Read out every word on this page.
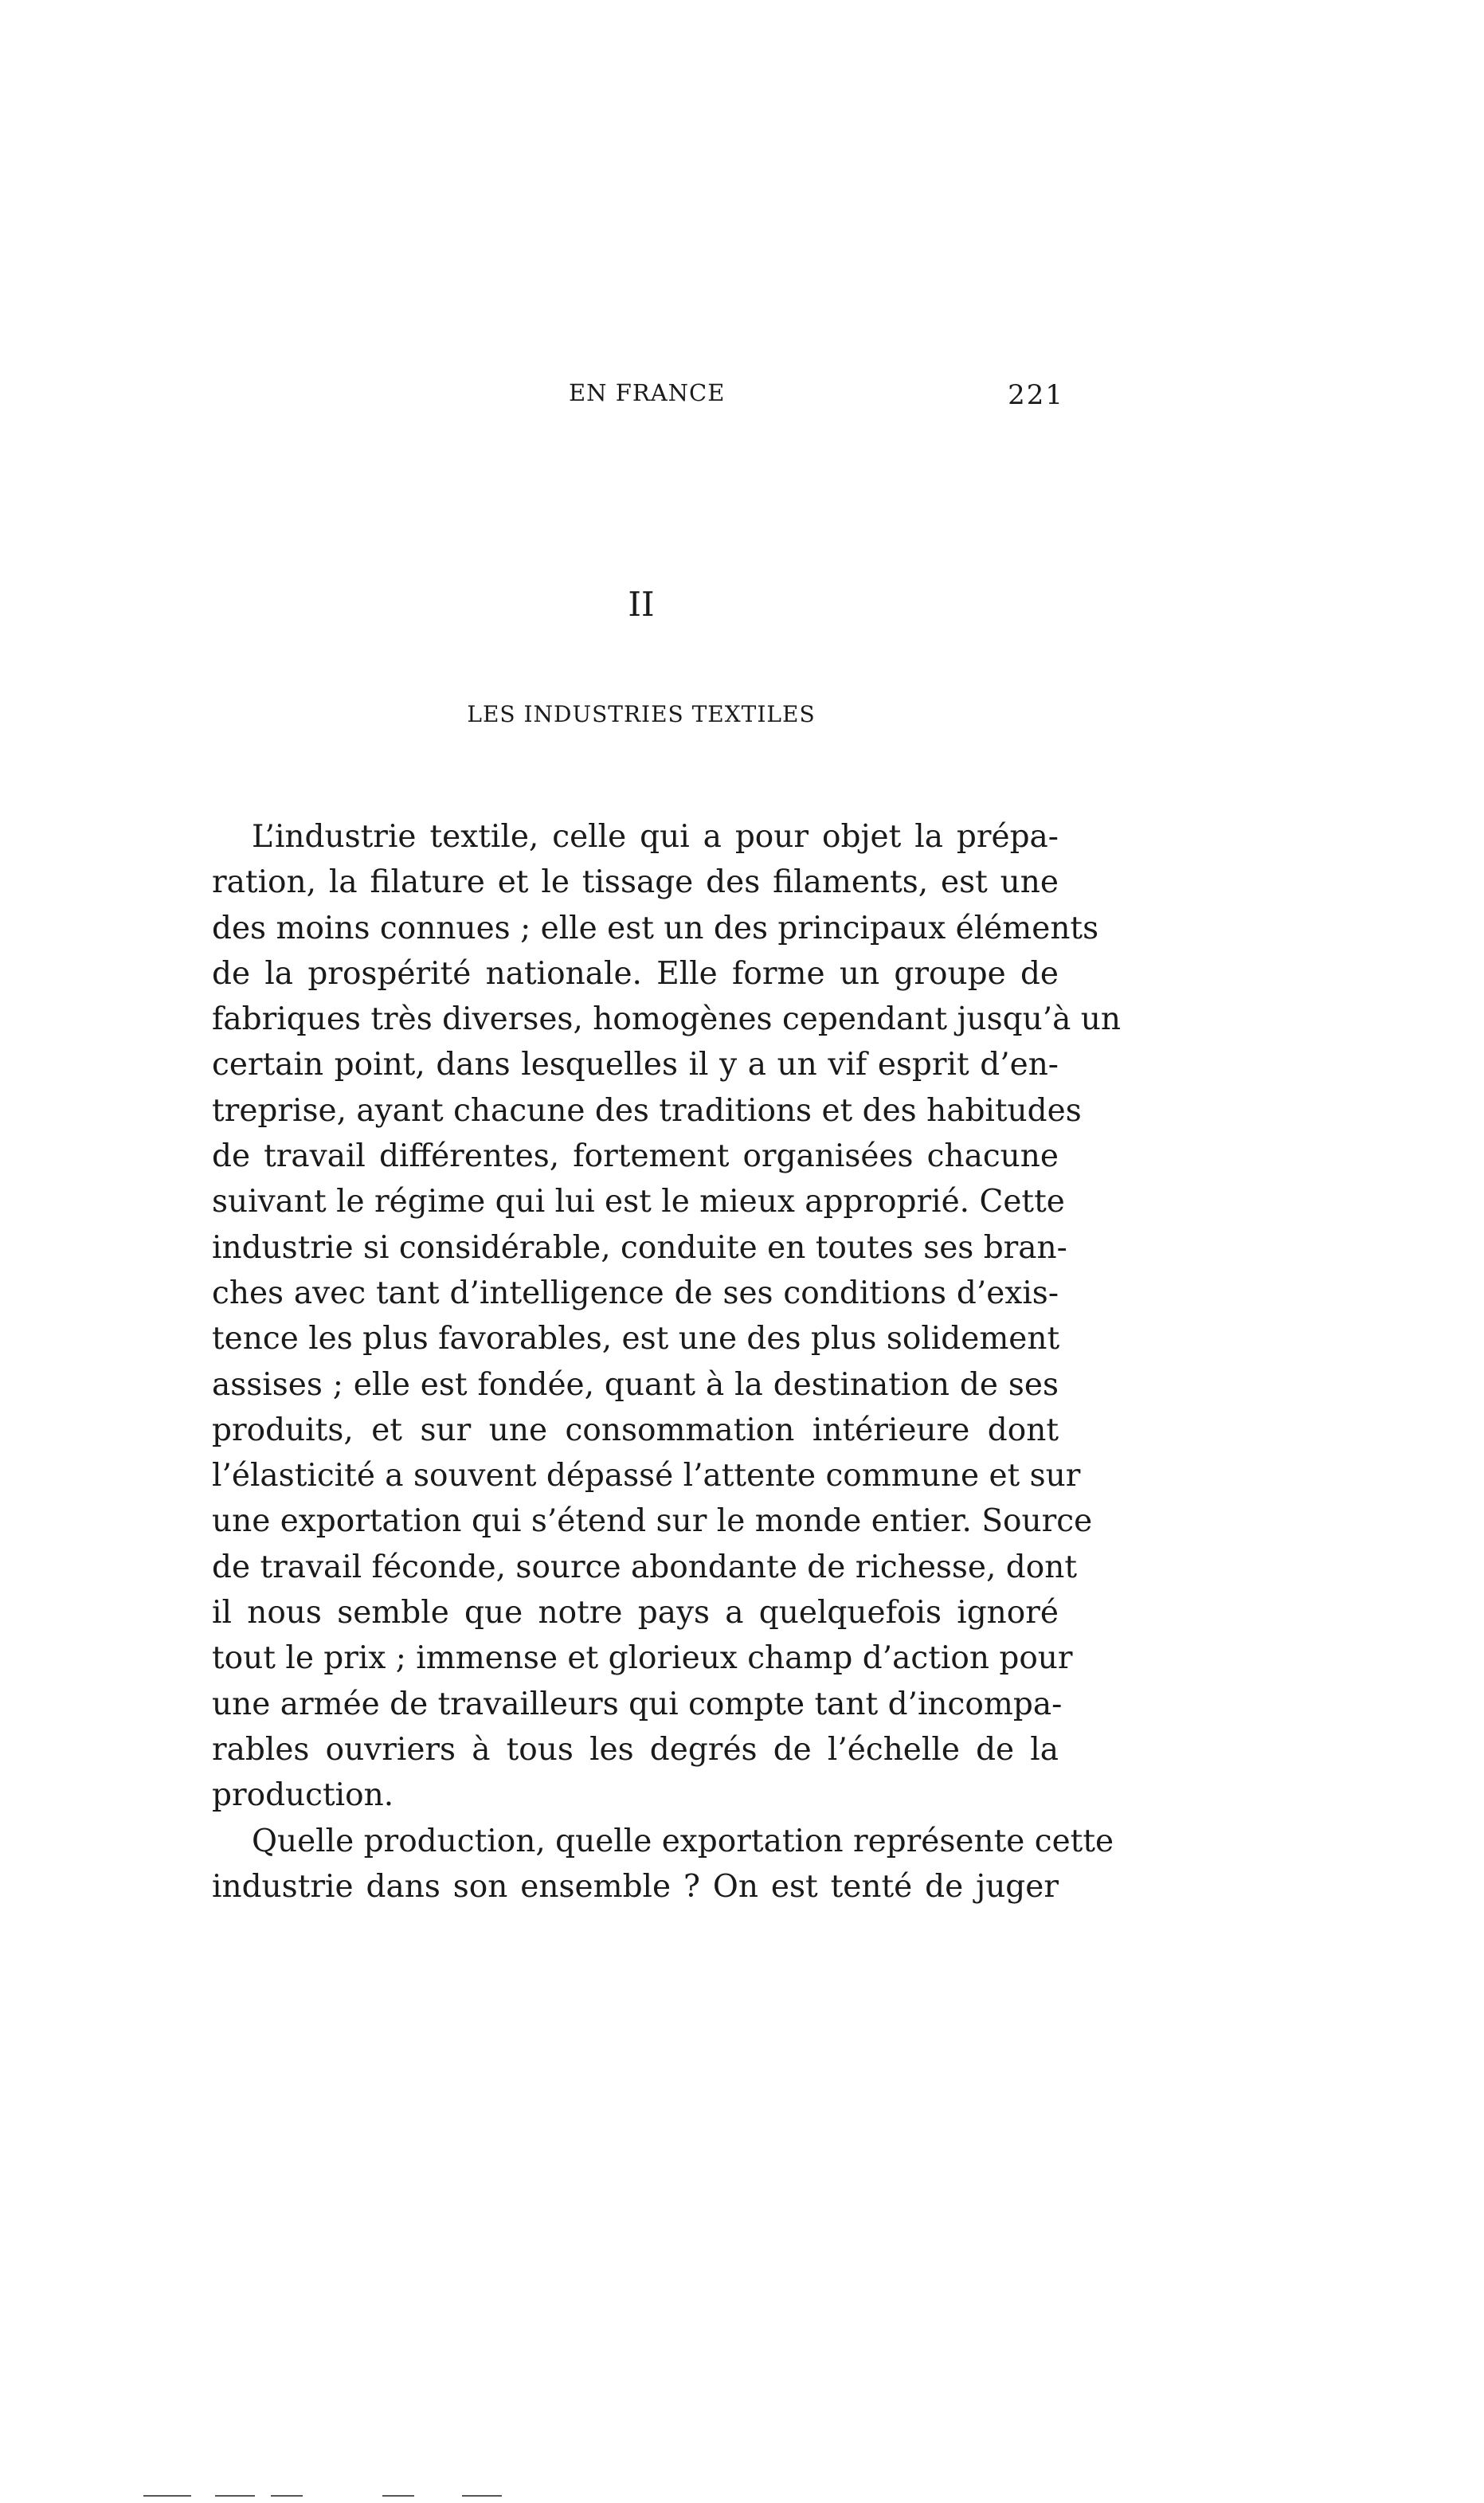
EN FRANCE	221
II
LES INDUSTRIES TEXTILES

L’industrie textile, celle qui a pour objet la prépa-
ration, la filature et le tissage des filaments, est une
des moins connues ; elle est un des principaux éléments
de la prospérité nationale. Elle forme un groupe de
fabriques très diverses, homogènes cependant jusqu’à un
certain point, dans lesquelles il y a un vif esprit d’en-
treprise, ayant chacune des traditions et des habitudes
de travail différentes, fortement organisées chacune
suivant le régime qui lui est le mieux approprié. Cette
industrie si considérable, conduite en toutes ses bran-
ches avec tant d’intelligence de ses conditions d’exis-
tence les plus favorables, est une des plus solidement
assises ; elle est fondée, quant à la destination de ses
produits, et sur une consommation intérieure dont
l’élasticité a souvent dépassé l’attente commune et sur
une exportation qui s’étend sur le monde entier. Source
de travail féconde, source abondante de richesse, dont
il nous semble que notre pays a quelquefois ignoré
tout le prix ; immense et glorieux champ d’action pour
une armée de travailleurs qui compte tant d’incompa-
rables ouvriers à tous les degrés de l’échelle de la
production.

Quelle production, quelle exportation représente cette
industrie dans son ensemble ? On est tenté de juger
